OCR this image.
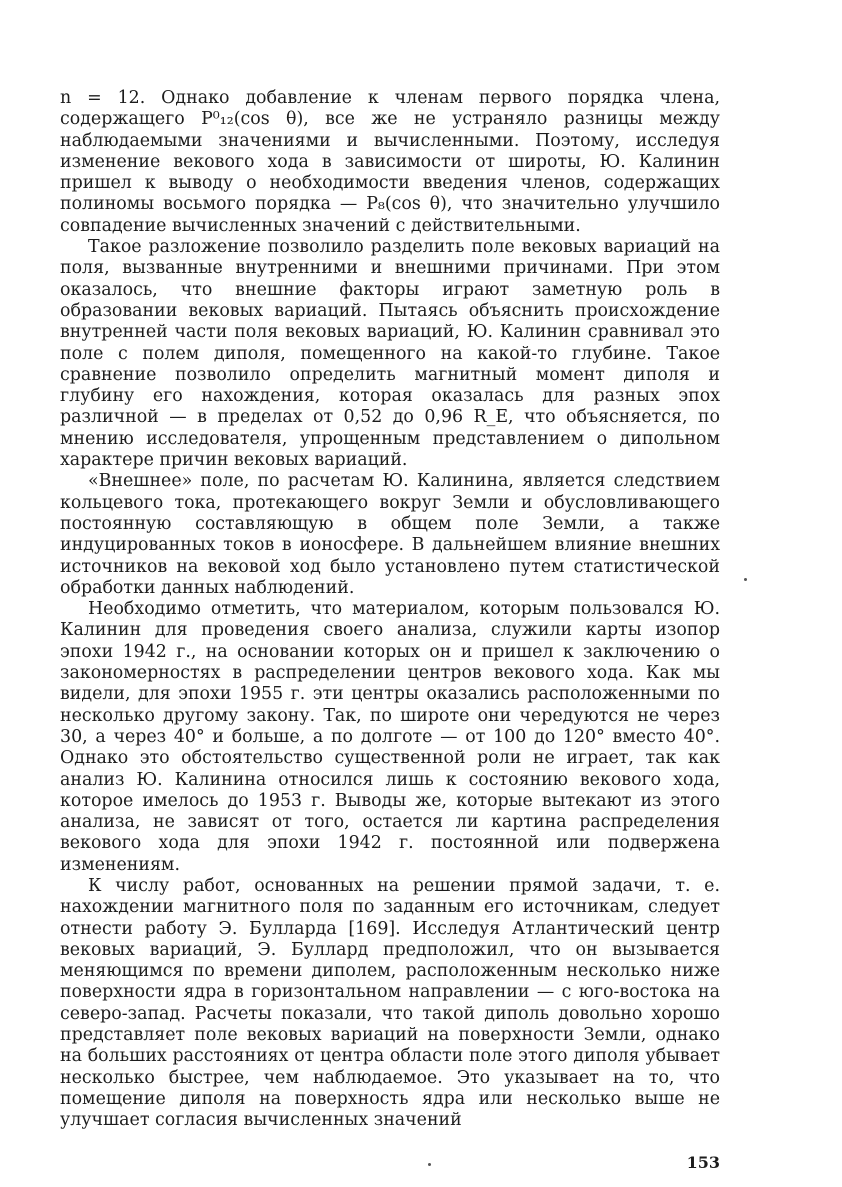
n = 12. Однако добавление к членам первого порядка члена, содержащего P⁰₁₂(cos θ), все же не устраняло разницы между наблюдаемыми значениями и вычисленными. Поэтому, исследуя изменение векового хода в зависимости от широты, Ю. Калинин пришел к выводу о необходимости введения членов, содержащих полиномы восьмого порядка — P₈(cos θ), что значительно улучшило совпадение вычисленных значений с действительными.

Такое разложение позволило разделить поле вековых вариаций на поля, вызванные внутренними и внешними причинами. При этом оказалось, что внешние факторы играют заметную роль в образовании вековых вариаций. Пытаясь объяснить происхождение внутренней части поля вековых вариаций, Ю. Калинин сравнивал это поле с полем диполя, помещенного на какой-то глубине. Такое сравнение позволило определить магнитный момент диполя и глубину его нахождения, которая оказалась для разных эпох различной — в пределах от 0,52 до 0,96 R_E, что объясняется, по мнению исследователя, упрощенным представлением о дипольном характере причин вековых вариаций.

«Внешнее» поле, по расчетам Ю. Калинина, является следствием кольцевого тока, протекающего вокруг Земли и обусловливающего постоянную составляющую в общем поле Земли, а также индуцированных токов в ионосфере. В дальнейшем влияние внешних источников на вековой ход было установлено путем статистической обработки данных наблюдений.

Необходимо отметить, что материалом, которым пользовался Ю. Калинин для проведения своего анализа, служили карты изопор эпохи 1942 г., на основании которых он и пришел к заключению о закономерностях в распределении центров векового хода. Как мы видели, для эпохи 1955 г. эти центры оказались расположенными по несколько другому закону. Так, по широте они чередуются не через 30, а через 40° и больше, а по долготе — от 100 до 120° вместо 40°. Однако это обстоятельство существенной роли не играет, так как анализ Ю. Калинина относился лишь к состоянию векового хода, которое имелось до 1953 г. Выводы же, которые вытекают из этого анализа, не зависят от того, остается ли картина распределения векового хода для эпохи 1942 г. постоянной или подвержена изменениям.

К числу работ, основанных на решении прямой задачи, т. е. нахождении магнитного поля по заданным его источникам, следует отнести работу Э. Булларда [169]. Исследуя Атлантический центр вековых вариаций, Э. Буллард предположил, что он вызывается меняющимся по времени диполем, расположенным несколько ниже поверхности ядра в горизонтальном направлении — с юго-востока на северо-запад. Расчеты показали, что такой диполь довольно хорошо представляет поле вековых вариаций на поверхности Земли, однако на больших расстояниях от центра области поле этого диполя убывает несколько быстрее, чем наблюдаемое. Это указывает на то, что помещение диполя на поверхность ядра или несколько выше не улучшает согласия вычисленных значений

153
